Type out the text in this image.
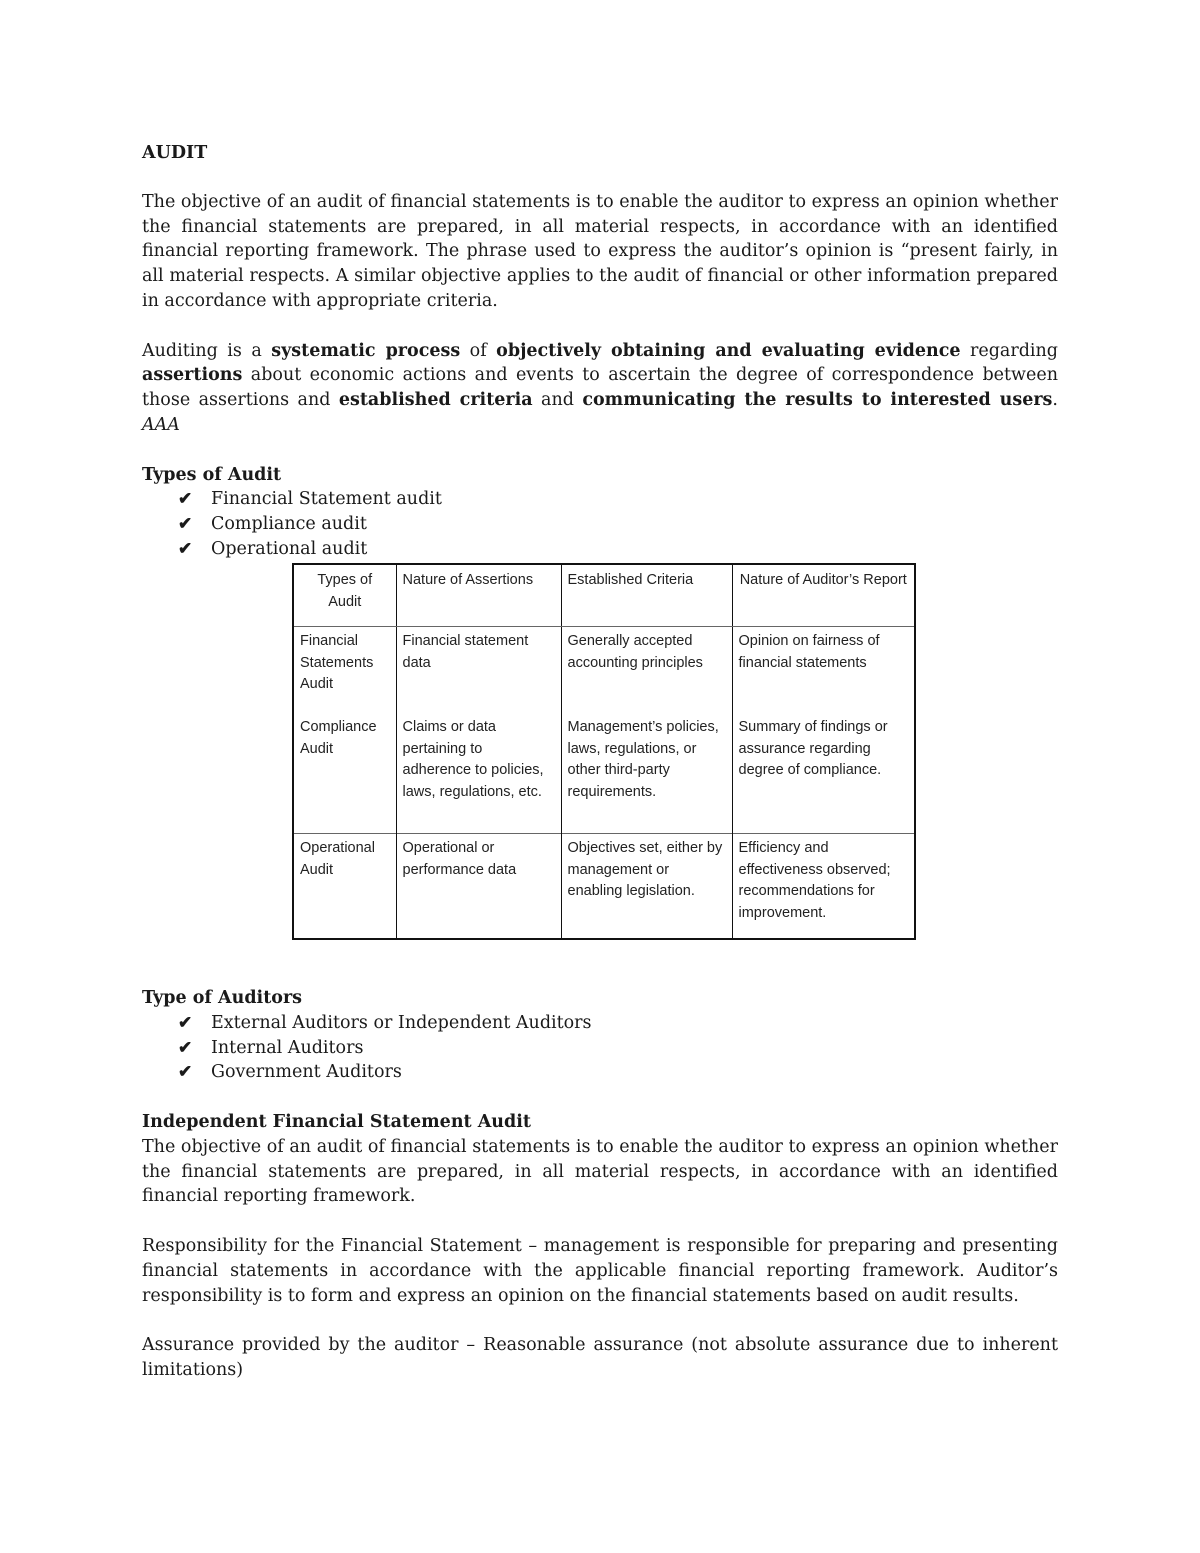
AUDIT

The objective of an audit of financial statements is to enable the auditor to express an opinion whether the financial statements are prepared, in all material respects, in accordance with an identified financial reporting framework. The phrase used to express the auditor’s opinion is “present fairly, in all material respects. A similar objective applies to the audit of financial or other information prepared in accordance with appropriate criteria.

Auditing is a systematic process of objectively obtaining and evaluating evidence regarding assertions about economic actions and events to ascertain the degree of correspondence between those assertions and established criteria and communicating the results to interested users. AAA

Types of Audit
✔	Financial Statement audit
✔	Compliance audit
✔	Operational audit
Types of Audit	Nature of Assertions	Established Criteria	Nature of Auditor’s Report
Financial Statements Audit	Financial statement data	Generally accepted accounting principles	Opinion on fairness of financial statements
Compliance Audit	Claims or data pertaining to adherence to policies, laws, regulations, etc.	Management’s policies, laws, regulations, or other third-party requirements.	Summary of findings or assurance regarding degree of compliance.
Operational Audit	Operational or performance data	Objectives set, either by management or enabling legislation.	Efficiency and effectiveness observed; recommendations for improvement.
Type of Auditors
✔	External Auditors or Independent Auditors
✔	Internal Auditors
✔	Government Auditors
Independent Financial Statement Audit

The objective of an audit of financial statements is to enable the auditor to express an opinion whether the financial statements are prepared, in all material respects, in accordance with an identified financial reporting framework.

Responsibility for the Financial Statement – management is responsible for preparing and presenting financial statements in accordance with the applicable financial reporting framework. Auditor’s responsibility is to form and express an opinion on the financial statements based on audit results.

Assurance provided by the auditor – Reasonable assurance (not absolute assurance due to inherent limitations)
